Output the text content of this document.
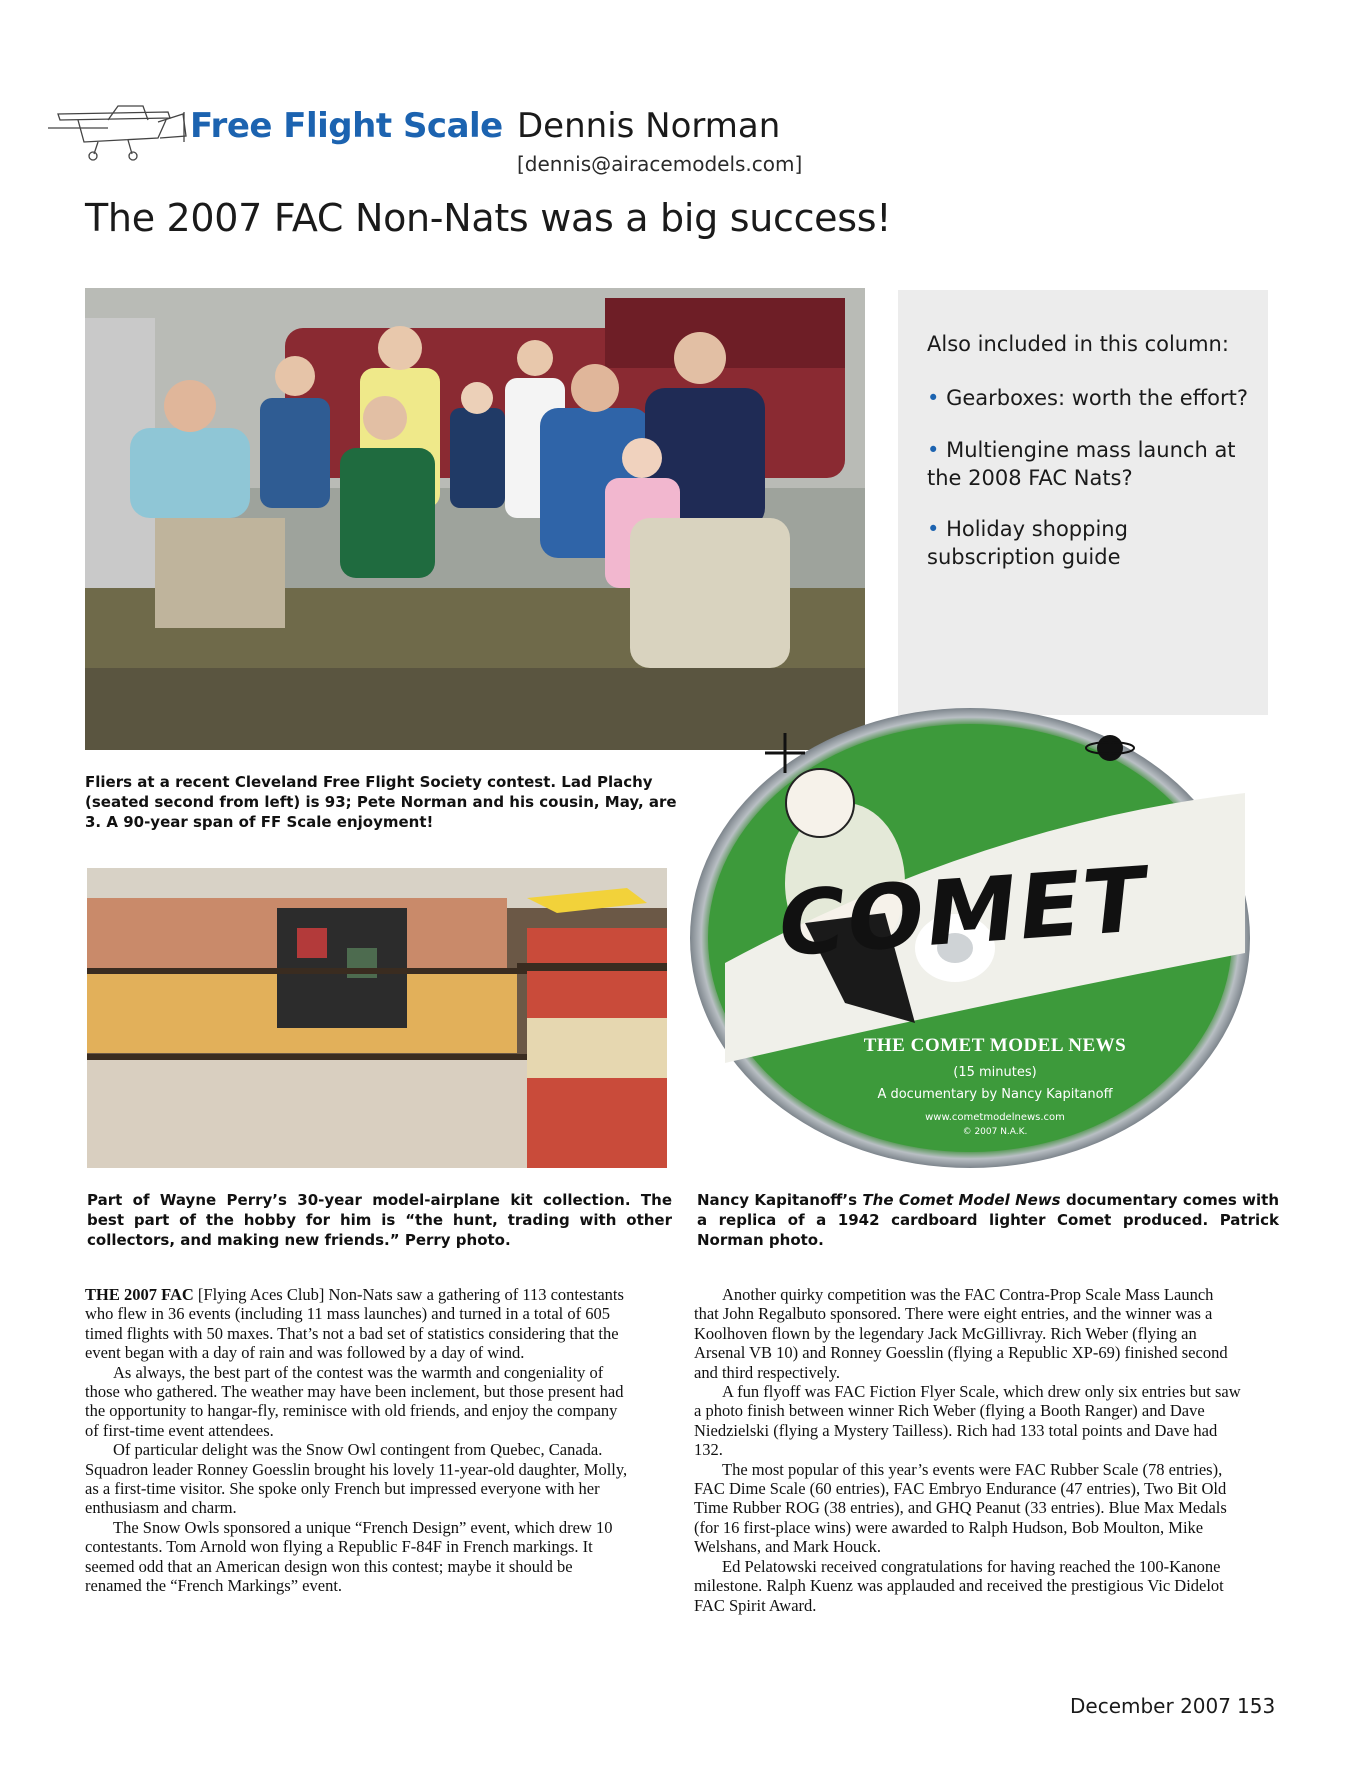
Free Flight Scale Dennis Norman
[dennis@airacemodels.com]
The 2007 FAC Non-Nats was a big success!
Also included in this column:
• Gearboxes: worth the effort?
• Multiengine mass launch at the 2008 FAC Nats?
• Holiday shopping subscription guide
Fliers at a recent Cleveland Free Flight Society contest. Lad Plachy (seated second from left) is 93; Pete Norman and his cousin, May, are 3. A 90-year span of FF Scale enjoyment!
Part of Wayne Perry’s 30-year model-airplane kit collection. The best part of the hobby for him is “the hunt, trading with other collectors, and making new friends.” Perry photo.
COMET
THE COMET MODEL NEWS
(15 minutes)
A documentary by Nancy Kapitanoff
www.cometmodelnews.com
© 2007 N.A.K.
Nancy Kapitanoff’s The Comet Model News documentary comes with a replica of a 1942 cardboard lighter Comet produced. Patrick Norman photo.

THE 2007 FAC [Flying Aces Club] Non-Nats saw a gathering of 113 contestants who flew in 36 events (including 11 mass launches) and turned in a total of 605 timed flights with 50 maxes. That’s not a bad set of statistics considering that the event began with a day of rain and was followed by a day of wind.

As always, the best part of the contest was the warmth and congeniality of those who gathered. The weather may have been inclement, but those present had the opportunity to hangar-fly, reminisce with old friends, and enjoy the company of first-time event attendees.

Of particular delight was the Snow Owl contingent from Quebec, Canada. Squadron leader Ronney Goesslin brought his lovely 11-year-old daughter, Molly, as a first-time visitor. She spoke only French but impressed everyone with her enthusiasm and charm.

The Snow Owls sponsored a unique “French Design” event, which drew 10 contestants. Tom Arnold won flying a Republic F-84F in French markings. It seemed odd that an American design won this contest; maybe it should be renamed the “French Markings” event.

Another quirky competition was the FAC Contra-Prop Scale Mass Launch that John Regalbuto sponsored. There were eight entries, and the winner was a Koolhoven flown by the legendary Jack McGillivray. Rich Weber (flying an Arsenal VB 10) and Ronney Goesslin (flying a Republic XP-69) finished second and third respectively.

A fun flyoff was FAC Fiction Flyer Scale, which drew only six entries but saw a photo finish between winner Rich Weber (flying a Booth Ranger) and Dave Niedzielski (flying a Mystery Tailless). Rich had 133 total points and Dave had 132.

The most popular of this year’s events were FAC Rubber Scale (78 entries), FAC Dime Scale (60 entries), FAC Embryo Endurance (47 entries), Two Bit Old Time Rubber ROG (38 entries), and GHQ Peanut (33 entries). Blue Max Medals (for 16 first-place wins) were awarded to Ralph Hudson, Bob Moulton, Mike Welshans, and Mark Houck.

Ed Pelatowski received congratulations for having reached the 100-Kanone milestone. Ralph Kuenz was applauded and received the prestigious Vic Didelot FAC Spirit Award.

December 2007 153
